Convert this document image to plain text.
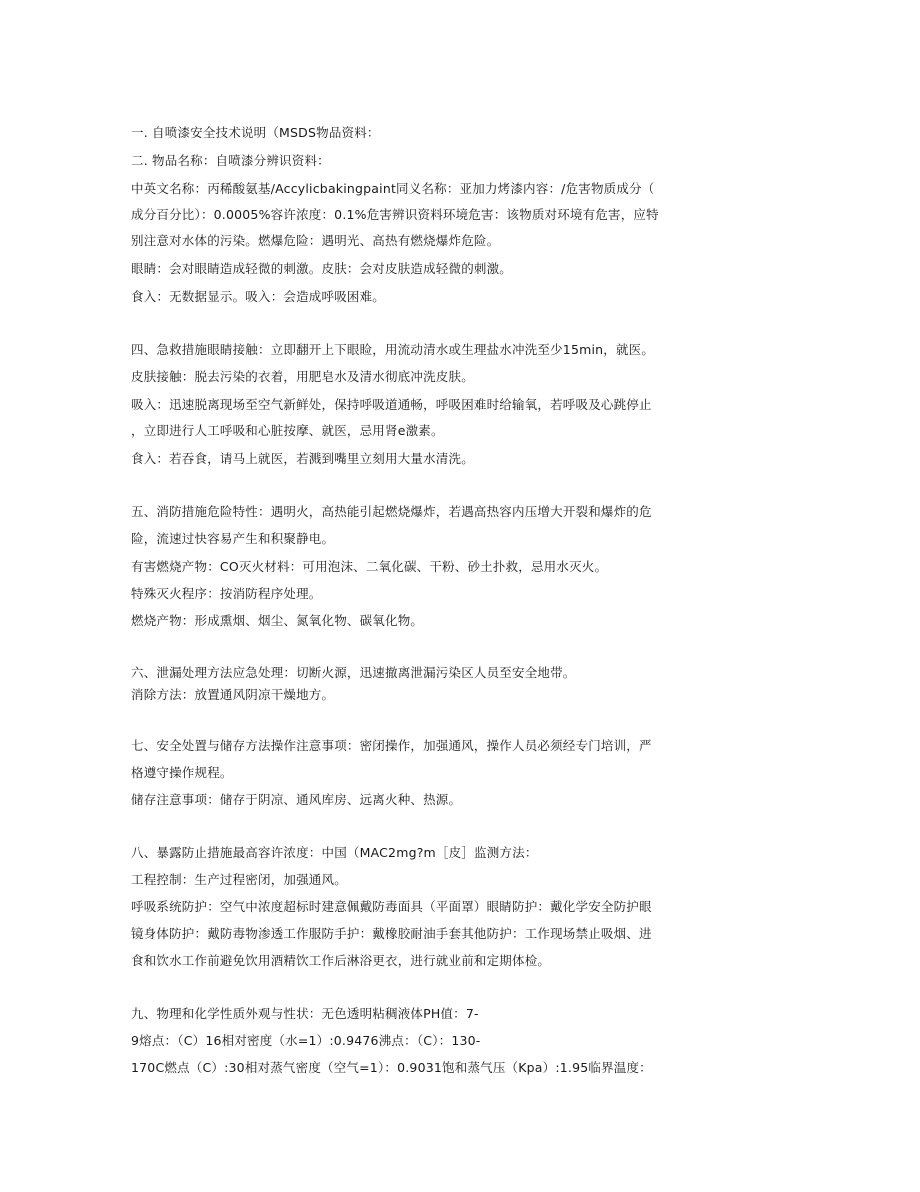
一. 自喷漆安全技术说明（MSDS物品资料：
二. 物品名称：自喷漆分辨识资料：
中英文名称：丙稀酸氨基/Accylicbakingpaint同义名称：亚加力烤漆内容：/危害物质成分（
成分百分比）：0.0005%容许浓度：0.1%危害辨识资料环境危害：该物质对环境有危害，应特
别注意对水体的污染。燃爆危险：遇明光、高热有燃烧爆炸危险。
眼睛：会对眼睛造成轻微的刺激。皮肤：会对皮肤造成轻微的刺激。
食入：无数据显示。吸入：会造成呼吸困难。
四、急救措施眼睛接触：立即翻开上下眼睑，用流动清水或生理盐水冲洗至少15min，就医。
皮肤接触：脱去污染的衣着，用肥皂水及清水彻底冲洗皮肤。
吸入：迅速脱离现场至空气新鲜处，保持呼吸道通畅，呼吸困难时给输氧，若呼吸及心跳停止
，立即进行人工呼吸和心脏按摩、就医，忌用肾e激素。
食入：若吞食，请马上就医，若溅到嘴里立刻用大量水清洗。
五、消防措施危险特性：遇明火，高热能引起燃烧爆炸，若遇高热容内压增大开裂和爆炸的危
险，流速过快容易产生和积聚静电。
有害燃烧产物：CO灭火材料：可用泡沫、二氧化碳、干粉、砂土扑救，忌用水灭火。
特殊灭火程序：按消防程序处理。
燃烧产物：形成熏烟、烟尘、氮氧化物、碳氧化物。
六、泄漏处理方法应急处理：切断火源，迅速撤离泄漏污染区人员至安全地带。
消除方法：放置通风阴凉干燥地方。
七、安全处置与储存方法操作注意事项：密闭操作，加强通风，操作人员必须经专门培训，严
格遵守操作规程。
储存注意事项：储存于阴凉、通风库房、远离火种、热源。
八、暴露防止措施最高容许浓度：中国（MAC2mg?m［皮］监测方法：
工程控制：生产过程密闭，加强通风。
呼吸系统防护：空气中浓度超标时建意佩戴防毒面具（平面罩）眼睛防护：戴化学安全防护眼
镜身体防护：戴防毒物渗透工作服防手护：戴橡胶耐油手套其他防护：工作现场禁止吸烟、进
食和饮水工作前避免饮用酒精饮工作后淋浴更衣，进行就业前和定期体检。
九、物理和化学性质外观与性状：无色透明粘稠液体PH值：7-
9熔点：（C）16相对密度（水=1）:0.9476沸点：（C）：130-
170C燃点（C）:30相对蒸气密度（空气=1）：0.9031饱和蒸气压（Kpa）:1.95临界温度：
